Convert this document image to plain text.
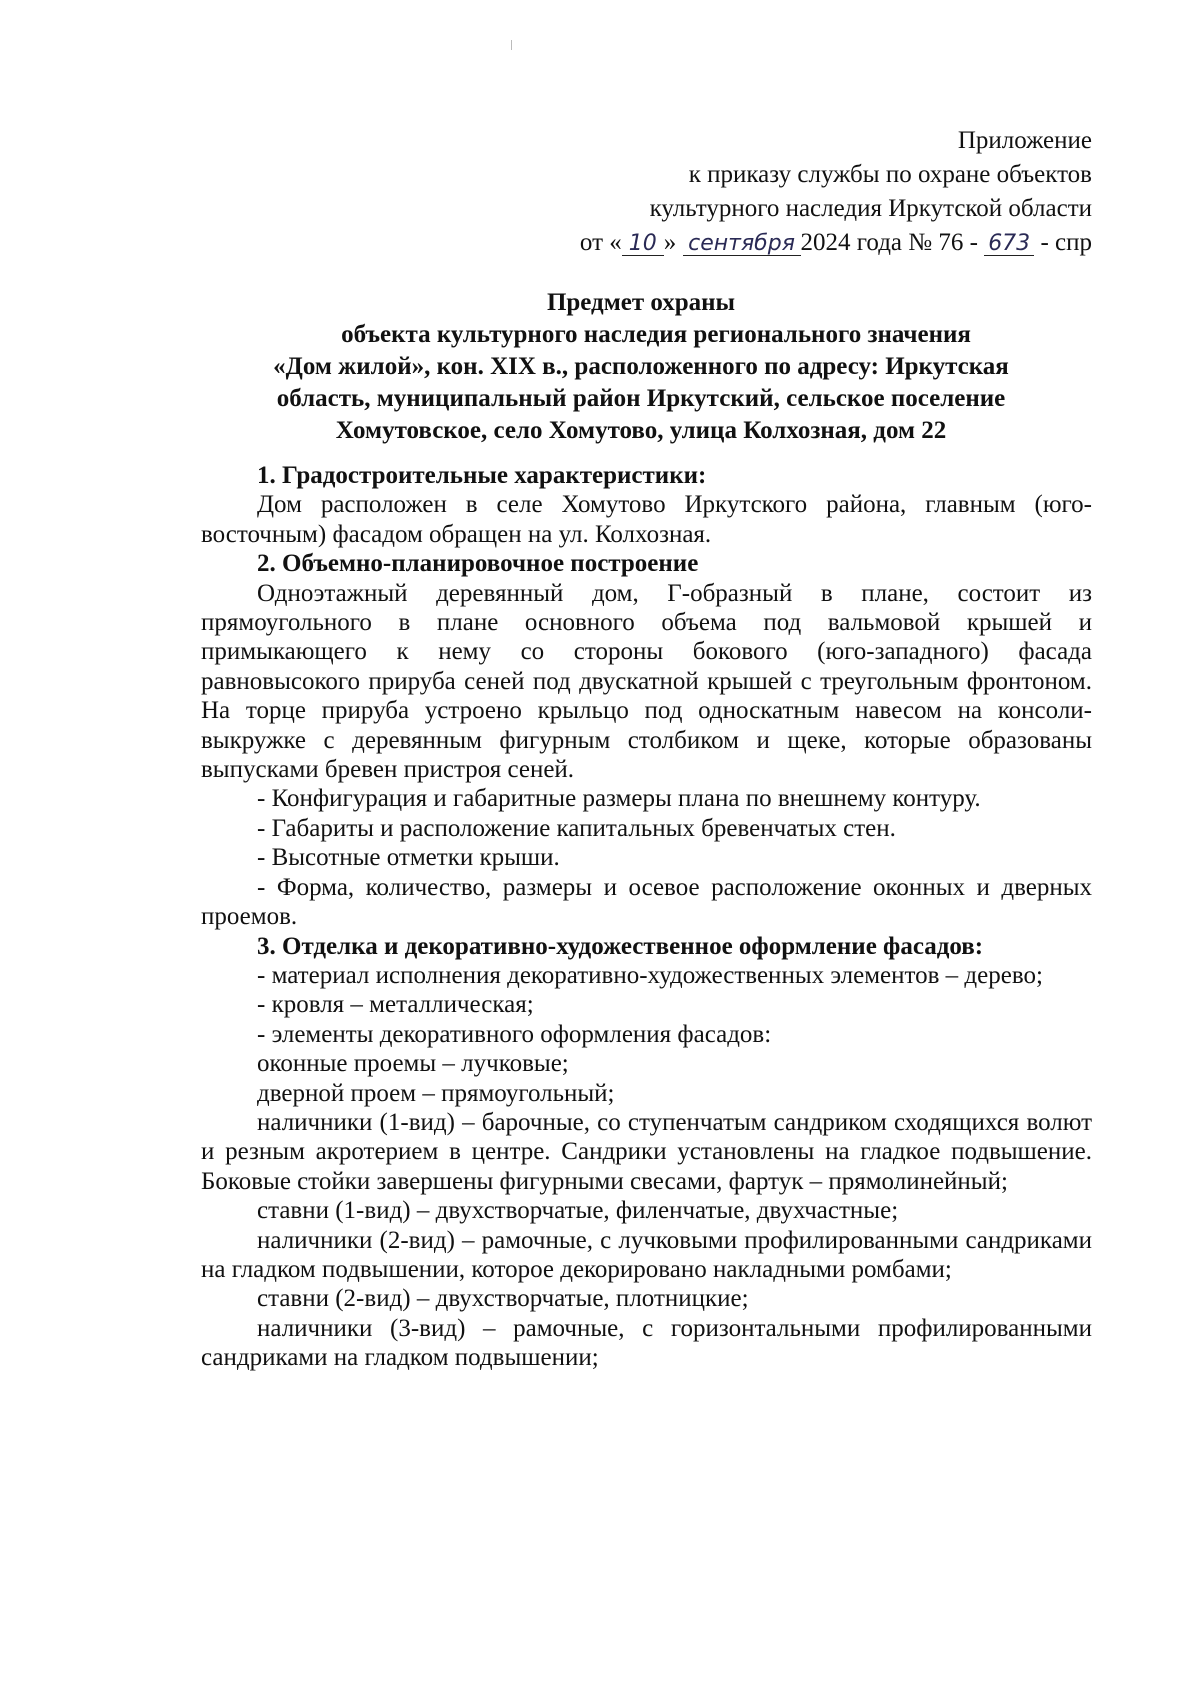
Приложение
к приказу службы по охране объектов
культурного наследия Иркутской области
от « 10 » сентября 2024 года № 76 - 673 - спр
Предмет охраны
объекта культурного наследия регионального значения
«Дом жилой», кон. XIX в., расположенного по адресу: Иркутская
область, муниципальный район Иркутский, сельское поселение
Хомутовское, село Хомутово, улица Колхозная, дом 22

1. Градостроительные характеристики:

Дом расположен в селе Хомутово Иркутского района, главным (юго-восточным) фасадом обращен на ул. Колхозная.

2. Объемно-планировочное построение

Одноэтажный деревянный дом, Г-образный в плане, состоит из прямоугольного в плане основного объема под вальмовой крышей и примыкающего к нему со стороны бокового (юго-западного) фасада равновысокого прируба сеней под двускатной крышей с треугольным фронтоном. На торце прируба устроено крыльцо под односкатным навесом на консоли-выкружке с деревянным фигурным столбиком и щеке, которые образованы выпусками бревен пристроя сеней.

- Конфигурация и габаритные размеры плана по внешнему контуру.

- Габариты и расположение капитальных бревенчатых стен.

- Высотные отметки крыши.

- Форма, количество, размеры и осевое расположение оконных и дверных проемов.

3. Отделка и декоративно-художественное оформление фасадов:

- материал исполнения декоративно-художественных элементов – дерево;

- кровля – металлическая;

- элементы декоративного оформления фасадов:

оконные проемы – лучковые;

дверной проем – прямоугольный;

наличники (1-вид) – барочные, со ступенчатым сандриком сходящихся волют и резным акротерием в центре. Сандрики установлены на гладкое подвышение. Боковые стойки завершены фигурными свесами, фартук – прямолинейный;

ставни (1-вид) – двухстворчатые, филенчатые, двухчастные;

наличники (2-вид) – рамочные, с лучковыми профилированными сандриками на гладком подвышении, которое декорировано накладными ромбами;

ставни (2-вид) – двухстворчатые, плотницкие;

наличники (3-вид) – рамочные, с горизонтальными профилированными сандриками на гладком подвышении;
